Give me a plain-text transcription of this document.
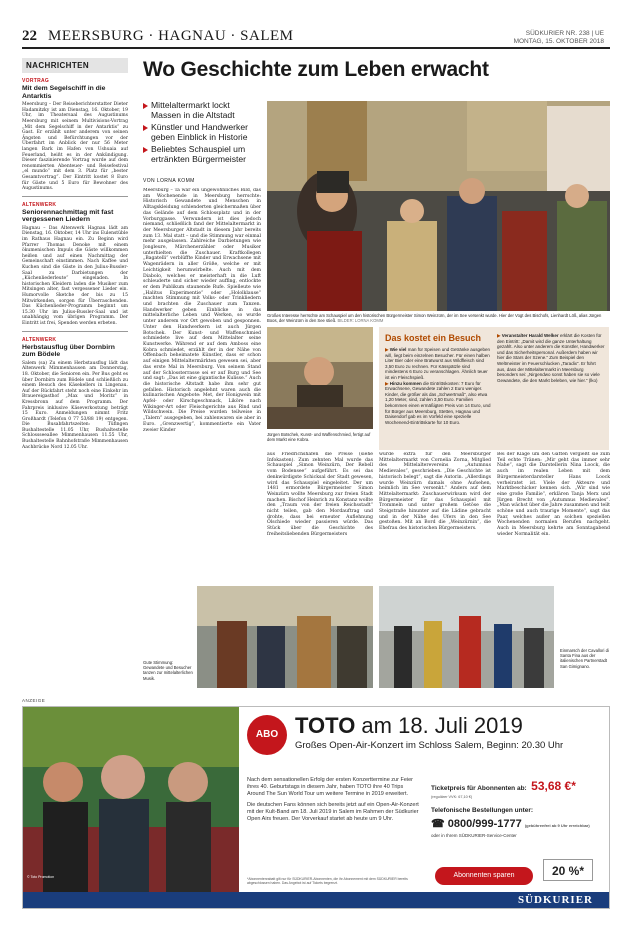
22 MEERSBURG · HAGNAU · SALEM	SÜDKURIER NR. 238 | UE
MONTAG, 15. OKTOBER 2018
NACHRICHTEN
VORTRAG
Mit dem Segelschiff in die Antarktis
Meersburg – Der Reiseberichterstatter Dieter Hadamitzky ist am Dienstag, 16. Oktober, 19 Uhr, im Theatersaal des Augustinums Meersburg mit seinem Multivisions-Vortrag „Mit dem Segelschiff in der Antarktis“ zu Gast. Er erzählt unter anderem von seinen Ängsten und Befürchtungen vor der Überfahrt im Anblick der nur 56 Meter langen Bark im Hafen von Ushuaia auf Feuerland, heißt es in der Ankündigung. Dieser faszinierende Vortrag wurde auf dem renommierten Abenteuer- und Reisefestival „el mundo“ mit dem 3. Platz für „bester Gesamtvortrag“. Der Eintritt kostet 8 Euro für Gäste und 5 Euro für Bewohner des Augustinums.
ALTENWERK
Seniorennachmittag mit fast vergessenen Liedern
Hagnau – Das Altenwerk Hagnau lädt am Dienstag, 16. Oktober, 14 Uhr ins Eulenstüble im Rathaus Hagnau ein. Zu Beginn wird Pfarrer Thomas Denoke mit einem ökumenischen Impuls die Gäste willkommen heißen und auf einen Nachmittag der Gemeinschaft einstimmen. Nach Kaffee und Kuchen sind die Gäste in den Julius-Bussler-Saal zu Darbietungen der „Küchenliederleute“ eingeladen. In historischen Kleidern laden die Musiker zum Mitsingen alter, fast vergessener Lieder ein. Humorvolle Sketche der bis zu 15 Mitwirkenden, sorgen für Überraschenden. Das Küchenlieder-Programm beginnt um 15.30 Uhr im Julius-Bussler-Saal und ist unabhängig vom übrigen Programm. Der Eintritt ist frei, Spenden werden erbeten.
ALTENWERK
Herbstausflug über Dornbirn zum Bödele
Salem (sa) Zu einem Herbstausflug lädt das Altenwerk Mimmenhausen am Donnerstag, 18. Oktober, die Senioren ein. Per Bus geht es über Dornbirn zum Bödele und schließlich zu einem Besuch des Käsekellers in Lingenau. Auf der Rückfahrt steht noch eine Einkehr im Brauereigasthof „Max und Moritz“ in Kressbronn auf dem Programm. Der Fahrpreis inklusive Käseverkostung beträgt 15 Euro. Anmeldungen nimmt Fritz Großhardt (Telefon 0 77 53/88 19) entgegen. Die Busabfahrtszeiten: Tüfingen Bushaltestelle 11.05 Uhr, Bushaltestelle Schlossseeallee Mimmenhausen 11.55 Uhr, Bushaltestelle Bahnhofstraße Mimmenhausen Aachbrücke Nord 12.05 Uhr.
Wo Geschichte zum Leben erwacht
Mittelaltermarkt lockt Massen in die Altstadt
Künstler und Handwerker geben Einblick in Historie
Beliebtes Schauspiel um ertränkten Bürgermeister
VON LORNA KOMM
Meersburg – Ta war ein ungewöhnliches Bild, das am Wochenende in Meersburg herrschte: Historisch Gewandete und Menschen in Alltagskleidung schlenderten gleichermaßen über das Gelände auf dem Schlossplatz und in der Vorburggasse. Verwundern ist dies jedoch niemand, schließlich fand der Mittelaltermarkt in der Meersburger Altstadt in diesem Jahr bereits zum 13. Mal statt – und die Stimmung war einmal mehr ausgelassen. Zahlreiche Darbietungen wie Jongleure, Märchenerzähler oder Musiker unterhielten die Zuschauer. Kraftkollegen „Bagatelli“ verblüffte Kinder und Erwachsene mit Wagenrädern in aller Größe, welche er mit Leichtigkeit herumwirbelte. Auch mit dem Diabolo, welches er meisterhaft in die Luft schleuderte und sicher wieder auffing, entlockte er dem Publikum staunende Rufe. Spielleute wie „Halitus Experimentie“ oder „Hololklause“ machten Stimmung mit Volks- oder Trinkliedern und brachten die Zuschauer zum Tanzen. Handwerker geben Einblicke in das mittelalterliche Leben und Werken, so wurde unter anderem vor Ort gewoben und gesponnen. Unter den Handwerkern ist auch Jürgen Botschek. Der Kunst- und Waffenschmied schmiedete live auf dem Mittelalter seine Kunstwerke. Während er auf dem Amboss eine Kobra schmiedet, erzählt der in der Nähe von Offenbach beheimatete Künstler, dass er schon auf einigen Mittelaltermärkten gewesen sei, aber das erste Mal in Meersburg. Von seinem Stand auf der Schlossterrasse sei er auf Burg und See und sagt: „Das ist eine gigantische Kulisse.“ Auch die historische Altstadt habe ihm sehr gut gefallen. Historisch angelehnt waren auch die kulinarischen Angebote: Met, der Honigwein mit Apfel- oder Kirschgeschmack, Liköre nach Wikinger-Art oder Fleischgerichte aus Rind und Wildschwein. Die Preise wurden teilweise in „Talern“ ausgegeben, bei zahlenwaren sie aber in Euro. „Grenzwertig“, kommentierte ein Vater zweier Kinder
Großes Interesse herrschte am Schauspiel um den historischen Bürgermeister Simon Weinzürn, der im See versenkt wurde. Hier der Vogt des Bischofs, Lienhardt Löß, alias Jürgen Boos, der Weinzürn in den See stieß. BILDER: LORNA KOMM
Jürgen Botschek, Kunst- und Waffenschmied, fertigt auf dem Markt eine Kobra.
Das kostet ein Besuch
▶ Wie viel man für Speisen und Getränke ausgeben will, liegt beim einzelnen Besucher. Für einen halben Liter Bier oder eine Bratwurst aus Wildfleisch sind 3,50 Euro zu rechnen. Für Kässpätzle sind mindestens 6 Euro zu veranschlagen. Ähnlich teuer ist ein Fleischspieß.
▶ Hinzu kommen die Eintrittskosten: 7 Euro für Erwachsene, Gewandete zahlen 2 Euro weniger. Kinder, die größer als das „Schwertmaß“, also etwa 1,20 Meter, sind, zahlen 3,50 Euro. Familien bekommen einen ermäßigten Preis von 14 Euro, und für Bürger aus Meersburg, Stetten, Hagnau und Daisendorf gab es im Vorfeld eine spezielle Wochenend-Eintrittskarte für 10 Euro.
▶ Veranstalter Harald Welker erklärt die Kosten für den Eintritt: „Damit wird die ganze Unterhaltung gezahlt. Also unter anderem die Künstler, Handwerker und das Sicherheitspersonal. Außerdem haben wir hier die Stars der Szene.“ Zum Beispiel den Weltmeister im Feuerschlucken „Taradix“. Er führt aus, dass der Mittelaltermarkt in Meersburg besonders sei: „Nirgendwo sonst haben sie so viele Gewandete, die den Markt beleben, wie hier.“ (lko)
aus Friedrichshafen die Preise (siehe Infokasten). Zum zehnten Mal wurde das Schauspiel „Simon Weinzürn, Der Rebell vom Bodensee“ aufgeführt. Es sei das denkwürdigste Schicksal der Stadt gewesen, wird das Schauspiel eingeleitet. Der um 1481 ermordete Bürgermeister Simon Weinzürn wollte Meersburg zur freien Stadt machen. Bischof Heinrich zu Konstanz wollte den „Traum von der freien Reichsstadt“ nicht teilen, gab den Mordauftrag und drohte, dass bei erneuter Auflehnung Ölschiede wieder passieren würde. Das Stück über die Geschichte des freiheitsliebenden Bürgermeisters
wurde extra für den Meersburger Mittelaltermarkt von Cornelia Zorna, Mitglied des Mittelalterevereins „Autumnus Medievales“, geschrieben. „Die Geschichte ist historisch belegt“, sagt die Autorin. „Allerdings wurde Weinzürn damals ohne Aufsehen, heimlich im See versenkt.“ Anders auf dem Mittelaltermarkt: Zuschauerwirksam wird der Bürgermeister für das Schauspiel mit Trommeln und unter großem Getöse die Steigstraße hinunter auf die Lädine gebracht und in der Nähe des Ufers in den See gestoßen. Mit an Bord die „Weinzürnin“, die Ehefrau des historischen Bürgermeisters.
Bei der Klage um den Gatten vergießt sie zum Teil echte Tränen: „Mir geht das immer sehr Nahe“, sagt die Darstellerin Nina Loock, die auch im realen Leben mit dem Bürgermeisterdarsteller Hans Loock verheiratet ist. Viele der Akteure und Marktbeschicker kennen sich. „Wir sind wie eine große Familie“, erklären Tanja Merx und Jürgen Brecht von „Autumnus Medievales“. „Man wächst über die Jahre zusammen und teilt schöne und auch traurige Momente“, sagt das Paar, welches außer an solchen speziellen Wochenenden normalen Berufen nachgeht. Auch in Meersburg kehrte am Sonntagabend wieder Normalität ein.
Gute Stimmung: Gewandete und Besucher tanzen zur mittelalterlichen Musik.
Einmarsch der Cavallori di Santa Fina aus der italienischen Partnerstadt San Gimignano.
ANZEIGE
© Toto Promotion
ABO TOTO am 18. Juli 2019
Großes Open-Air-Konzert im Schloss Salem, Beginn: 20.30 Uhr

Nach dem sensationellen Erfolg der ersten Konzerttermine zur Feier ihres 40. Geburtstags in diesem Jahr, haben TOTO ihre 40 Trips Around The Sun World Tour um weitere Termine in 2019 erweitert.

Die deutschen Fans können sich bereits jetzt auf ein Open-Air-Konzert mit der Kult-Band am 18. Juli 2019 in Salem im Rahmen der Südkurier Open Airs freuen. Der Vorverkauf startet ab heute um 9 Uhr.

*Abonnentenrabatt gilt nur für SÜDKURIER-Abonnenten, die ihr Abonnement mit dem SÜDKURIER bereits abgeschlossen haben. Das Angebot ist auf Tickets begrenzt.
Ticketpreis für Abonnenten ab: 53,68 €*
(regulärer VVK: 67,10 €)
Telefonische Bestellungen unter:
☎ 0800/999-1777 (gebührenfrei ab 9 Uhr erreichbar)
oder in Ihrem SÜDKURIER-Service-Center
Abonnenten sparen	20 %*
SÜDKURIER
